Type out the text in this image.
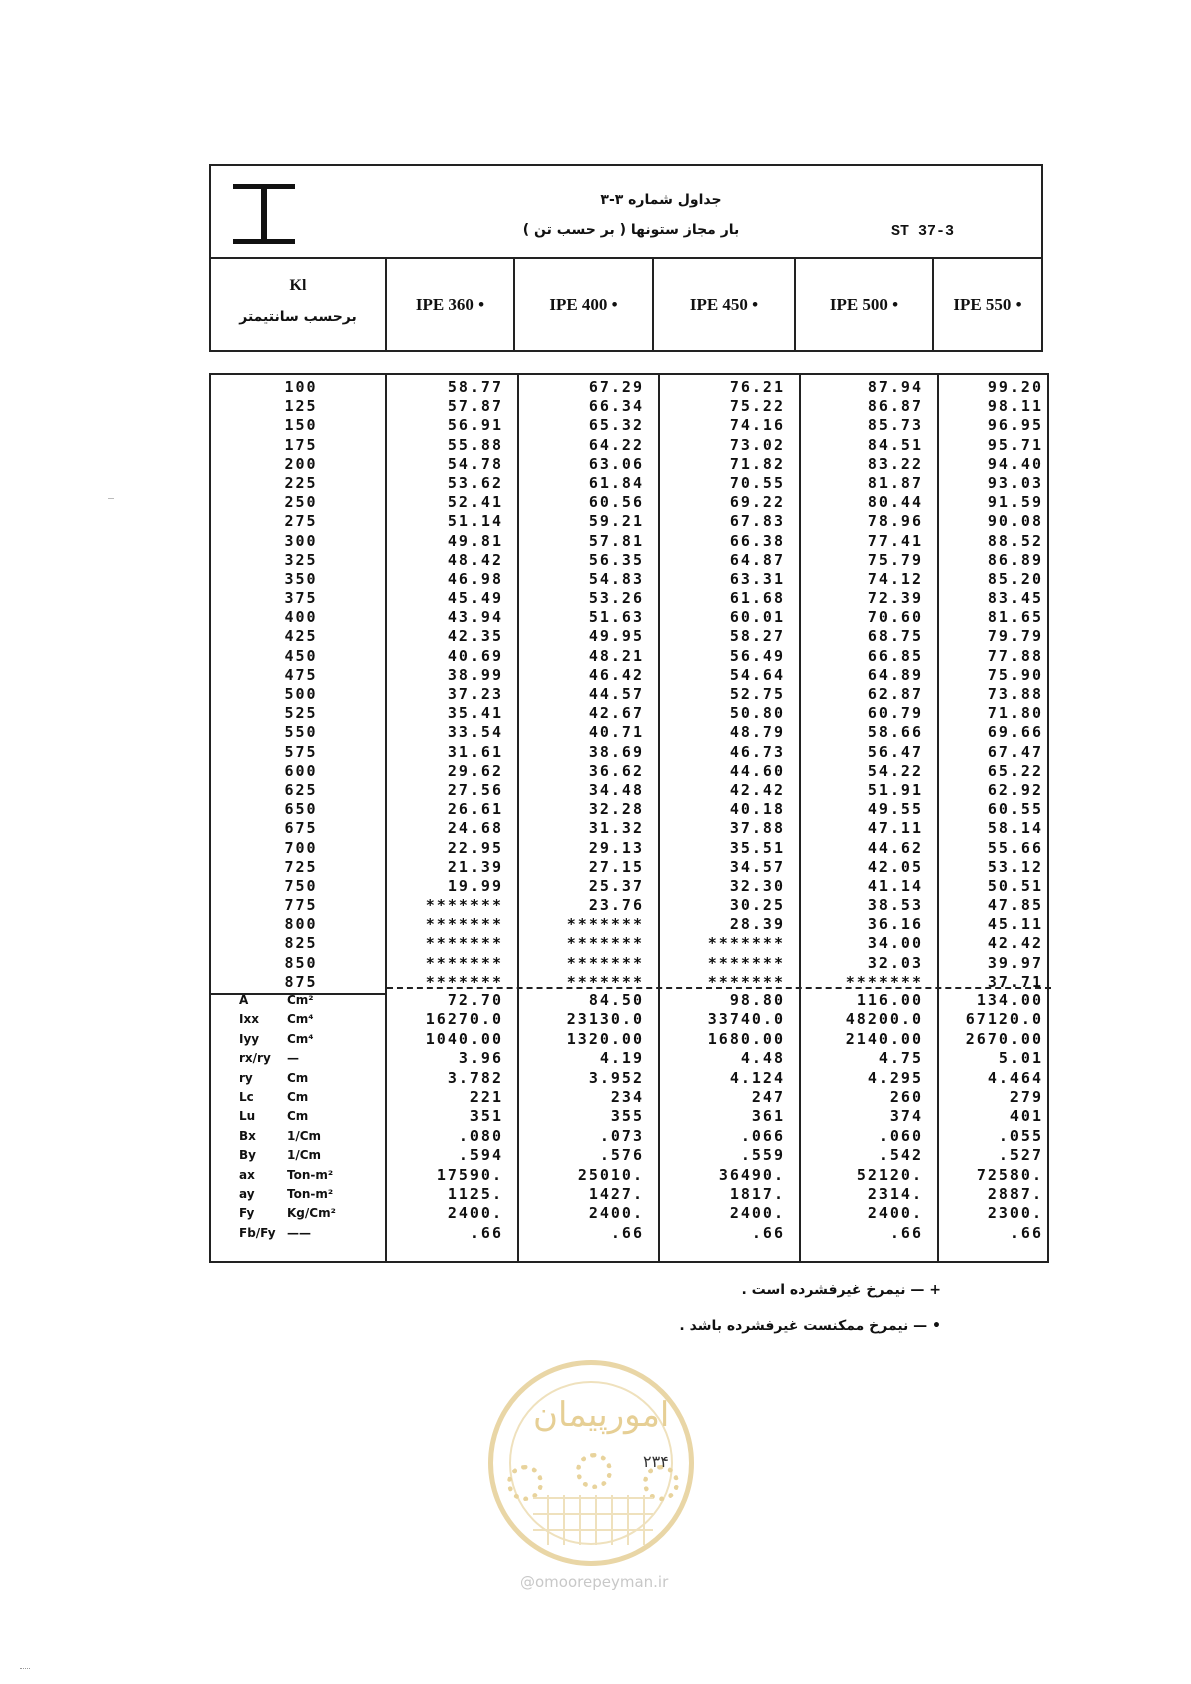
جداول شماره ۳-۳
بار مجاز ستونها ( بر حسب تن )	ST 37-3
Kl
برحسب سانتیمتر
IPE 360 •	IPE 400 •	IPE 450 •	IPE 500 •	IPE 550 •
100	58.77	67.29	76.21	87.94	99.20
125	57.87	66.34	75.22	86.87	98.11
150	56.91	65.32	74.16	85.73	96.95
175	55.88	64.22	73.02	84.51	95.71
200	54.78	63.06	71.82	83.22	94.40
225	53.62	61.84	70.55	81.87	93.03
250	52.41	60.56	69.22	80.44	91.59
275	51.14	59.21	67.83	78.96	90.08
300	49.81	57.81	66.38	77.41	88.52
325	48.42	56.35	64.87	75.79	86.89
350	46.98	54.83	63.31	74.12	85.20
375	45.49	53.26	61.68	72.39	83.45
400	43.94	51.63	60.01	70.60	81.65
425	42.35	49.95	58.27	68.75	79.79
450	40.69	48.21	56.49	66.85	77.88
475	38.99	46.42	54.64	64.89	75.90
500	37.23	44.57	52.75	62.87	73.88
525	35.41	42.67	50.80	60.79	71.80
550	33.54	40.71	48.79	58.66	69.66
575	31.61	38.69	46.73	56.47	67.47
600	29.62	36.62	44.60	54.22	65.22
625	27.56	34.48	42.42	51.91	62.92
650	26.61	32.28	40.18	49.55	60.55
675	24.68	31.32	37.88	47.11	58.14
700	22.95	29.13	35.51	44.62	55.66
725	21.39	27.15	34.57	42.05	53.12
750	19.99	25.37	32.30	41.14	50.51
775	*******	23.76	30.25	38.53	47.85
800	*******	*******	28.39	36.16	45.11
825	*******	*******	*******	34.00	42.42
850	*******	*******	*******	32.03	39.97
875	*******	*******	*******	*******	37.71
A	Cm²	72.70	84.50	98.80	116.00	134.00
Ixx Cm⁴	16270.0	23130.0	33740.0	48200.0	67120.0
Iyy Cm⁴	1040.00	1320.00	1680.00	2140.00	2670.00
rx/ry —	3.96	4.19	4.48	4.75	5.01
ry	Cm	3.782	3.952	4.124	4.295	4.464
Lc	Cm	221	234	247	260	279
Lu	Cm	351	355	361	374	401
Bx	1/Cm	.080	.073	.066	.060	.055
By	1/Cm	.594	.576	.559	.542	.527
ax	Ton-m²	17590.	25010.	36490.	52120.	72580.
ay	Ton-m²	1125.	1427.	1817.	2314.	2887.
Fy	Kg/Cm²	2400.	2400.	2400.	2400.	2300.
Fb/Fy ——	.66	.66	.66	.66	.66
+ — نیمرخ غیرفشرده است .
• — نیمرخ ممکنست غیرفشرده باشد .
امورپیمان
۲۳۴
@omoorepeyman.ir
